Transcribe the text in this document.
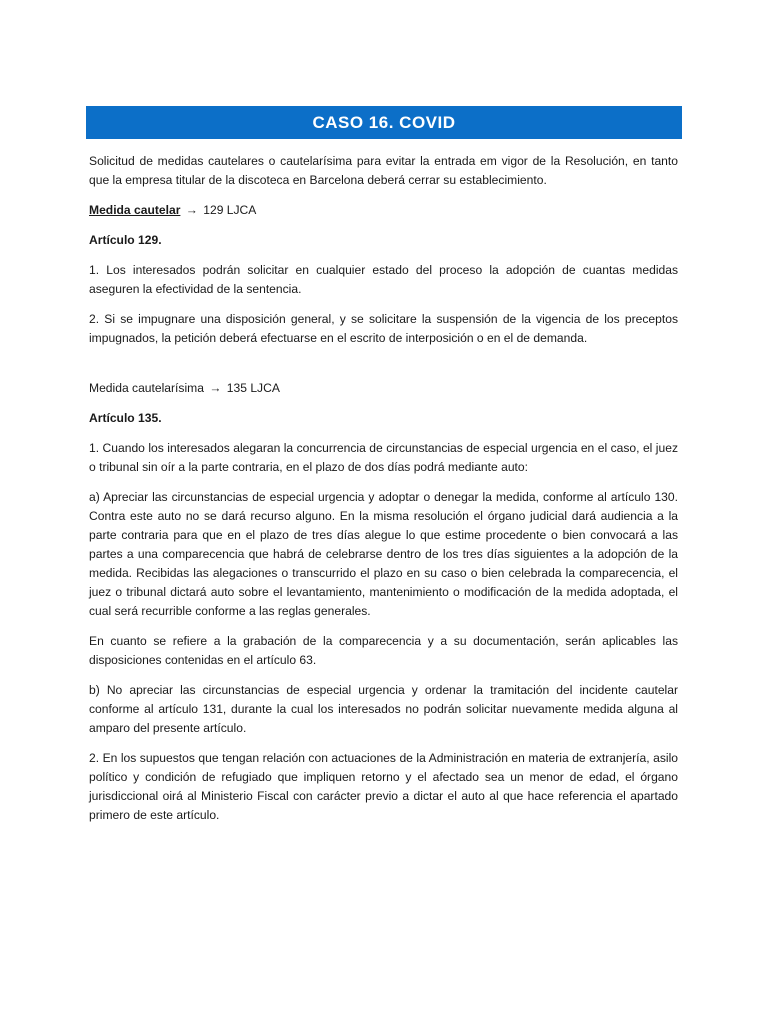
CASO 16. COVID

Solicitud de medidas cautelares o cautelarísima para evitar la entrada em vigor de la Resolución, en tanto que la empresa titular de la discoteca en Barcelona deberá cerrar su establecimiento.

Medida cautelar → 129 LJCA

Artículo 129.

1. Los interesados podrán solicitar en cualquier estado del proceso la adopción de cuantas medidas aseguren la efectividad de la sentencia.

2. Si se impugnare una disposición general, y se solicitare la suspensión de la vigencia de los preceptos impugnados, la petición deberá efectuarse en el escrito de interposición o en el de demanda.

Medida cautelarísima → 135 LJCA

Artículo 135.

1. Cuando los interesados alegaran la concurrencia de circunstancias de especial urgencia en el caso, el juez o tribunal sin oír a la parte contraria, en el plazo de dos días podrá mediante auto:

a) Apreciar las circunstancias de especial urgencia y adoptar o denegar la medida, conforme al artículo 130. Contra este auto no se dará recurso alguno. En la misma resolución el órgano judicial dará audiencia a la parte contraria para que en el plazo de tres días alegue lo que estime procedente o bien convocará a las partes a una comparecencia que habrá de celebrarse dentro de los tres días siguientes a la adopción de la medida. Recibidas las alegaciones o transcurrido el plazo en su caso o bien celebrada la comparecencia, el juez o tribunal dictará auto sobre el levantamiento, mantenimiento o modificación de la medida adoptada, el cual será recurrible conforme a las reglas generales.

En cuanto se refiere a la grabación de la comparecencia y a su documentación, serán aplicables las disposiciones contenidas en el artículo 63.

b) No apreciar las circunstancias de especial urgencia y ordenar la tramitación del incidente cautelar conforme al artículo 131, durante la cual los interesados no podrán solicitar nuevamente medida alguna al amparo del presente artículo.

2. En los supuestos que tengan relación con actuaciones de la Administración en materia de extranjería, asilo político y condición de refugiado que impliquen retorno y el afectado sea un menor de edad, el órgano jurisdiccional oirá al Ministerio Fiscal con carácter previo a dictar el auto al que hace referencia el apartado primero de este artículo.
